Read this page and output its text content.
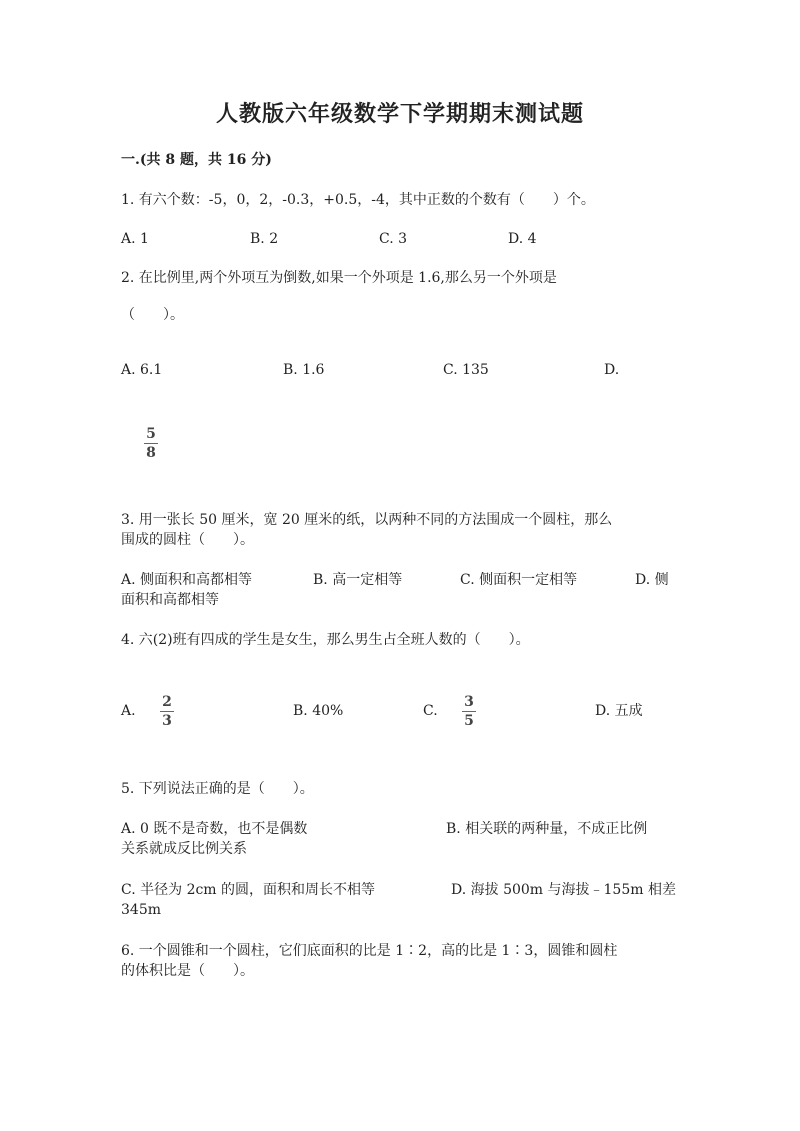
人教版六年级数学下学期期末测试题

一.(共 8 题，共 16 分)

1. 有六个数：-5，0，2，-0.3，+0.5，-4，其中正数的个数有（　　）个。

A. 1	B. 2	C. 3	D. 4

2. 在比例里,两个外项互为倒数,如果一个外项是 1.6,那么另一个外项是

（　　）。

A. 6.1	B. 1.6	C. 135	D.

5
8

3. 用一张长 50 厘米，宽 20 厘米的纸，以两种不同的方法围成一个圆柱，那么

围成的圆柱（　　）。

A. 侧面积和高都相等	B. 高一定相等	C. 侧面积一定相等	D. 侧

面积和高都相等

4. 六(2)班有四成的学生是女生，那么男生占全班人数的（　　）。

A.

2
3

B. 40%	C.

3
5

D. 五成

5. 下列说法正确的是（　　）。

A. 0 既不是奇数，也不是偶数	B. 相关联的两种量，不成正比例

关系就成反比例关系

C. 半径为 2cm 的圆，面积和周长不相等	D. 海拔 500m 与海拔﹣155m 相差

345m

6. 一个圆锥和一个圆柱，它们底面积的比是 1∶2，高的比是 1∶3，圆锥和圆柱

的体积比是（　　）。
